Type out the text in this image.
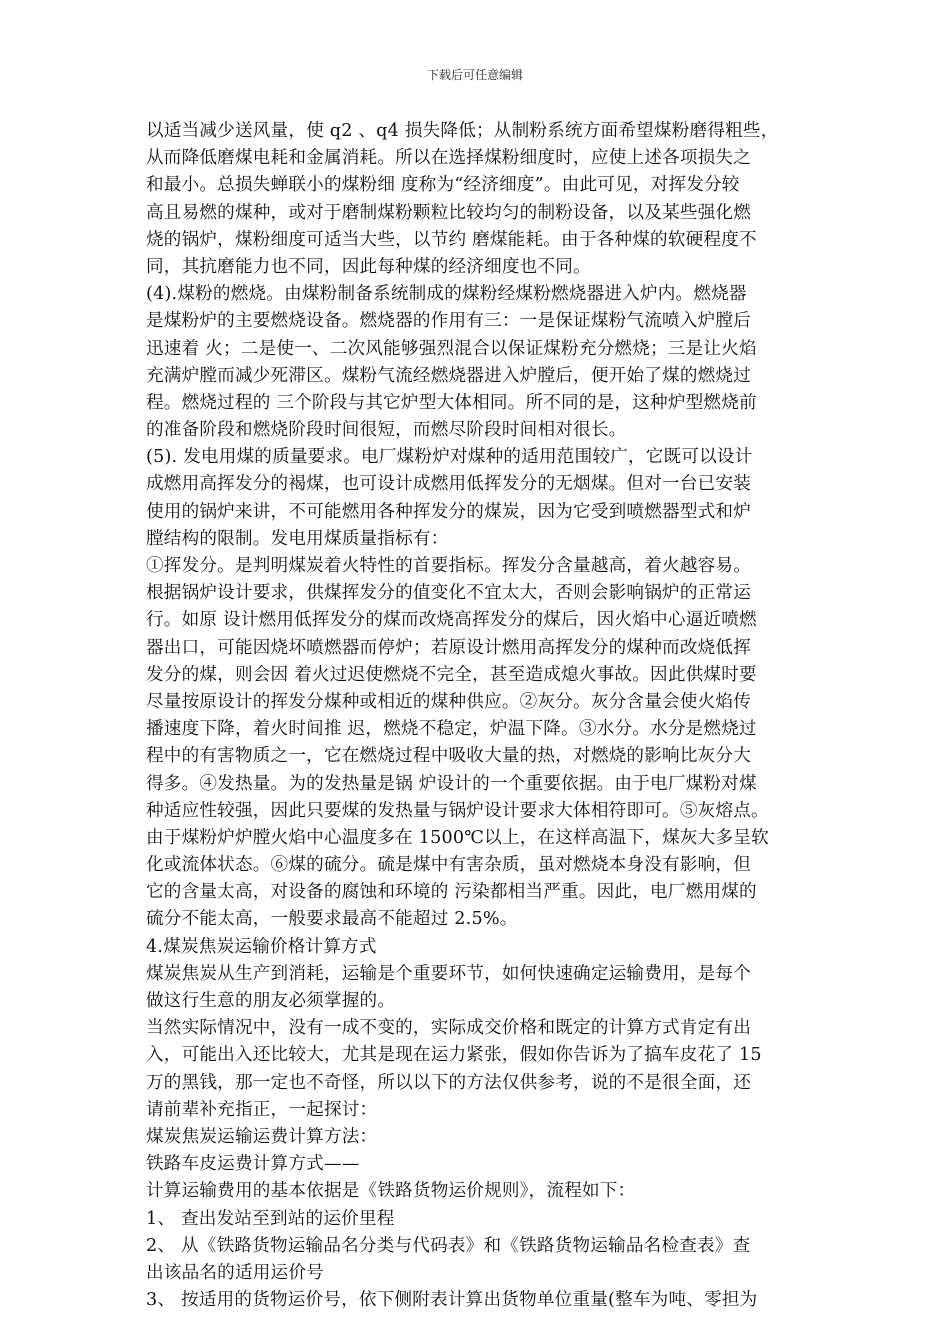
下载后可任意编辑
以适当减少送风量，使 q2 、q4 损失降低；从制粉系统方面希望煤粉磨得粗些，
从而降低磨煤电耗和金属消耗。所以在选择煤粉细度时，应使上述各项损失之
和最小。总损失蝉联小的煤粉细 度称为“经济细度”。由此可见，对挥发分较
高且易燃的煤种，或对于磨制煤粉颗粒比较均匀的制粉设备，以及某些强化燃
烧的锅炉，煤粉细度可适当大些，以节约 磨煤能耗。由于各种煤的软硬程度不
同，其抗磨能力也不同，因此每种煤的经济细度也不同。
(4).煤粉的燃烧。由煤粉制备系统制成的煤粉经煤粉燃烧器进入炉内。燃烧器
是煤粉炉的主要燃烧设备。燃烧器的作用有三：一是保证煤粉气流喷入炉膛后
迅速着 火；二是使一、二次风能够强烈混合以保证煤粉充分燃烧；三是让火焰
充满炉膛而减少死滞区。煤粉气流经燃烧器进入炉膛后，便开始了煤的燃烧过
程。燃烧过程的 三个阶段与其它炉型大体相同。所不同的是，这种炉型燃烧前
的准备阶段和燃烧阶段时间很短，而燃尽阶段时间相对很长。
(5). 发电用煤的质量要求。电厂煤粉炉对煤种的适用范围较广，它既可以设计
成燃用高挥发分的褐煤，也可设计成燃用低挥发分的无烟煤。但对一台已安装
使用的锅炉来讲，不可能燃用各种挥发分的煤炭，因为它受到喷燃器型式和炉
膛结构的限制。发电用煤质量指标有：
①挥发分。是判明煤炭着火特性的首要指标。挥发分含量越高，着火越容易。
根据锅炉设计要求，供煤挥发分的值变化不宜太大，否则会影响锅炉的正常运
行。如原 设计燃用低挥发分的煤而改烧高挥发分的煤后，因火焰中心逼近喷燃
器出口，可能因烧坏喷燃器而停炉；若原设计燃用高挥发分的煤种而改烧低挥
发分的煤，则会因 着火过迟使燃烧不完全，甚至造成熄火事故。因此供煤时要
尽量按原设计的挥发分煤种或相近的煤种供应。②灰分。灰分含量会使火焰传
播速度下降，着火时间推 迟，燃烧不稳定，炉温下降。③水分。水分是燃烧过
程中的有害物质之一，它在燃烧过程中吸收大量的热，对燃烧的影响比灰分大
得多。④发热量。为的发热量是锅 炉设计的一个重要依据。由于电厂煤粉对煤
种适应性较强，因此只要煤的发热量与锅炉设计要求大体相符即可。⑤灰熔点。
由于煤粉炉炉膛火焰中心温度多在 1500℃以上，在这样高温下，煤灰大多呈软
化或流体状态。⑥煤的硫分。硫是煤中有害杂质，虽对燃烧本身没有影响，但
它的含量太高，对设备的腐蚀和环境的 污染都相当严重。因此，电厂燃用煤的
硫分不能太高，一般要求最高不能超过 2.5%。
4.煤炭焦炭运输价格计算方式
煤炭焦炭从生产到消耗，运输是个重要环节，如何快速确定运输费用，是每个
做这行生意的朋友必须掌握的。
当然实际情况中，没有一成不变的，实际成交价格和既定的计算方式肯定有出
入，可能出入还比较大，尤其是现在运力紧张，假如你告诉为了搞车皮花了 15
万的黑钱，那一定也不奇怪，所以以下的方法仅供参考，说的不是很全面，还
请前辈补充指正，一起探讨：
煤炭焦炭运输运费计算方法：
铁路车皮运费计算方式——
计算运输费用的基本依据是《铁路货物运价规则》，流程如下：
1、 查出发站至到站的运价里程
2、 从《铁路货物运输品名分类与代码表》和《铁路货物运输品名检查表》查
出该品名的适用运价号
3、 按适用的货物运价号，依下侧附表计算出货物单位重量(整车为吨、零担为
